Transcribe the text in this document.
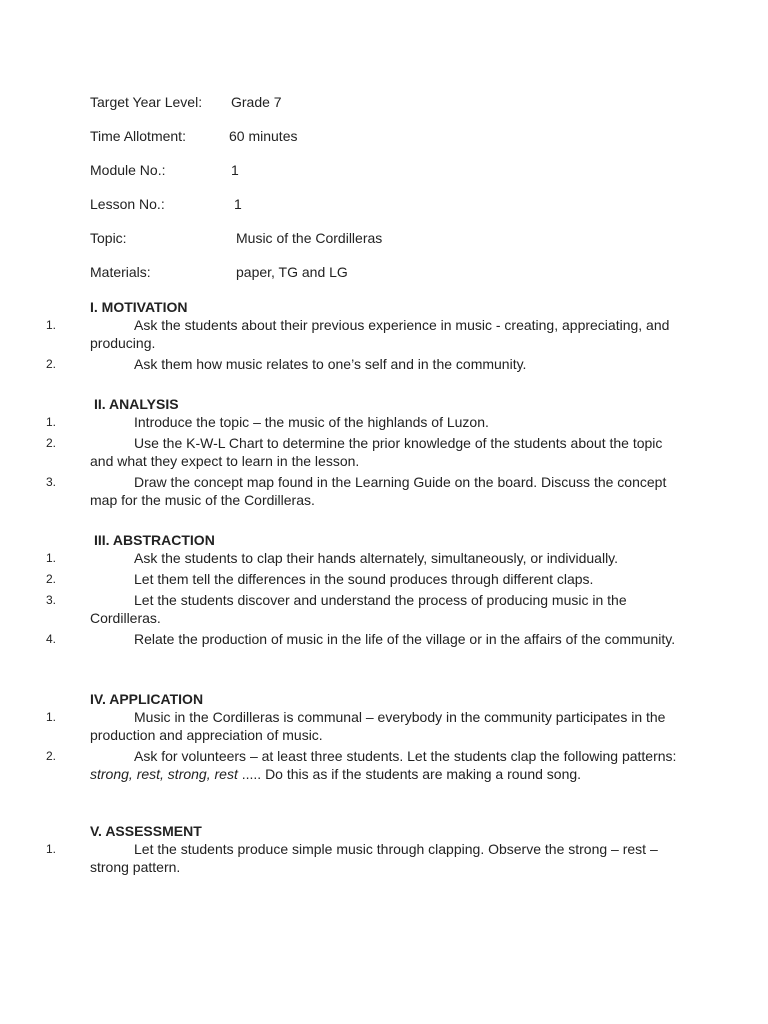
Target Year Level: Grade 7
Time Allotment:	60 minutes
Module No.:	1
Lesson No.:	1
Topic:	Music of the Cordilleras
Materials:	paper, TG and LG
I. MOTIVATION
1.	Ask the students about their previous experience in music - creating, appreciating, and producing.
2.	Ask them how music relates to one’s self and in the community.
II. ANALYSIS
1.	Introduce the topic – the music of the highlands of Luzon.
2.	Use the K-W-L Chart to determine the prior knowledge of the students about the topic and what they expect to learn in the lesson.
3.	Draw the concept map found in the Learning Guide on the board. Discuss the concept map for the music of the Cordilleras.
III. ABSTRACTION
1.	Ask the students to clap their hands alternately, simultaneously, or individually.
2.	Let them tell the differences in the sound produces through different claps.
3.	Let the students discover and understand the process of producing music in the Cordilleras.
4.	Relate the production of music in the life of the village or in the affairs of the community.
IV. APPLICATION
1.	Music in the Cordilleras is communal – everybody in the community participates in the production and appreciation of music.
2.	Ask for volunteers – at least three students. Let the students clap the following patterns: strong, rest, strong, rest ..... Do this as if the students are making a round song.
V. ASSESSMENT
1.	Let the students produce simple music through clapping. Observe the strong – rest – strong pattern.
